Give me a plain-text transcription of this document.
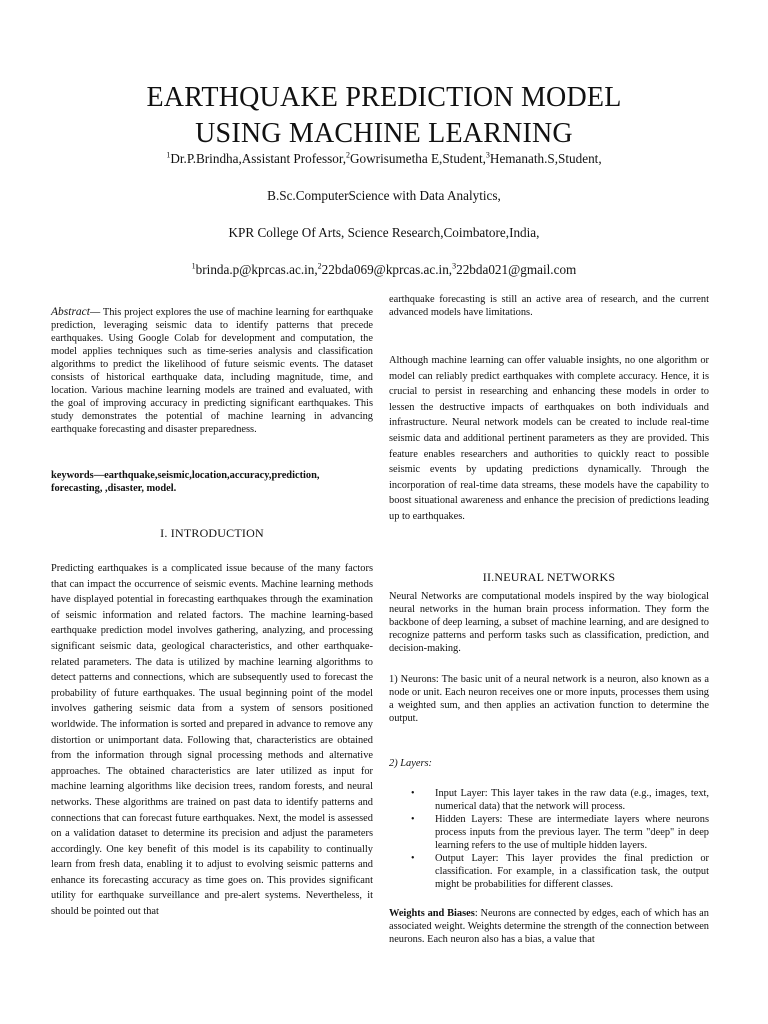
EARTHQUAKE PREDICTION MODEL
USING MACHINE LEARNING
$^1$Dr.P.Brindha,Assistant Professor,$^2$Gowrisumetha E,Student,$^3$Hemanath.S,Student,
B.Sc.ComputerScience with Data Analytics,
KPR College Of Arts, Science Research,Coimbatore,India,
$^1$brinda.p@kprcas.ac.in,$^2$22bda069@kprcas.ac.in,$^3$22bda021@gmail.com
Abstract— This project explores the use of machine learning for earthquake prediction, leveraging seismic data to identify patterns that precede earthquakes. Using Google Colab for development and computation, the model applies techniques such as time-series analysis and classification algorithms to predict the likelihood of future seismic events. The dataset consists of historical earthquake data, including magnitude, time, and location. Various machine learning models are trained and evaluated, with the goal of improving accuracy in predicting significant earthquakes. This study demonstrates the potential of machine learning in advancing earthquake forecasting and disaster preparedness.
keywords—earthquake,seismic,location,accuracy,prediction, forecasting, ,disaster, model.
I. INTRODUCTION
Predicting earthquakes is a complicated issue because of the many factors that can impact the occurrence of seismic events. Machine learning methods have displayed potential in forecasting earthquakes through the examination of seismic information and related factors. The machine learning-based earthquake prediction model involves gathering, analyzing, and processing significant seismic data, geological characteristics, and other earthquake-related parameters. The data is utilized by machine learning algorithms to detect patterns and connections, which are subsequently used to forecast the probability of future earthquakes. The usual beginning point of the model involves gathering seismic data from a system of sensors positioned worldwide. The information is sorted and prepared in advance to remove any distortion or unimportant data. Following that, characteristics are obtained from the information through signal processing methods and alternative approaches. The obtained characteristics are later utilized as input for machine learning algorithms like decision trees, random forests, and neural networks. These algorithms are trained on past data to identify patterns and connections that can forecast future earthquakes. Next, the model is assessed on a validation dataset to determine its precision and adjust the parameters accordingly. One key benefit of this model is its capability to continually learn from fresh data, enabling it to adjust to evolving seismic patterns and enhance its forecasting accuracy as time goes on. This provides significant utility for earthquake surveillance and pre-alert systems. Nevertheless, it should be pointed out that
earthquake forecasting is still an active area of research, and the current advanced models have limitations.
Although machine learning can offer valuable insights, no one algorithm or model can reliably predict earthquakes with complete accuracy. Hence, it is crucial to persist in researching and enhancing these models in order to lessen the destructive impacts of earthquakes on both individuals and infrastructure. Neural network models can be created to include real-time seismic data and additional pertinent parameters as they are provided. This feature enables researchers and authorities to quickly react to possible seismic events by updating predictions dynamically. Through the incorporation of real-time data streams, these models have the capability to boost situational awareness and enhance the precision of predictions leading up to earthquakes.
II.NEURAL NETWORKS
Neural Networks are computational models inspired by the way biological neural networks in the human brain process information. They form the backbone of deep learning, a subset of machine learning, and are designed to recognize patterns and perform tasks such as classification, prediction, and decision-making.
1) Neurons: The basic unit of a neural network is a neuron, also known as a node or unit. Each neuron receives one or more inputs, processes them using a weighted sum, and then applies an activation function to determine the output.
2) Layers:
• Input Layer: This layer takes in the raw data (e.g., images, text, numerical data) that the network will process.
• Hidden Layers: These are intermediate layers where neurons process inputs from the previous layer. The term "deep" in deep learning refers to the use of multiple hidden layers.
• Output Layer: This layer provides the final prediction or classification. For example, in a classification task, the output might be probabilities for different classes.
Weights and Biases: Neurons are connected by edges, each of which has an associated weight. Weights determine the strength of the connection between neurons. Each neuron also has a bias, a value that
